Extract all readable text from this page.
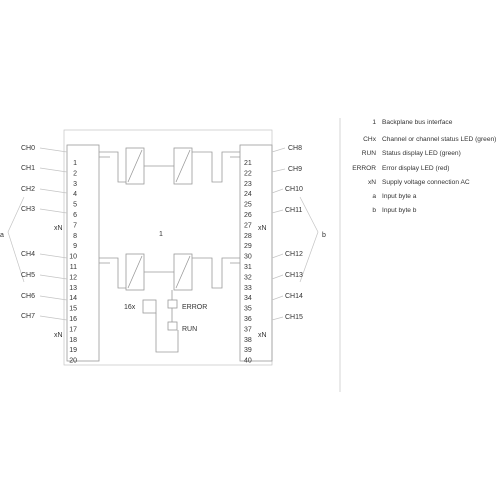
CH0
CH1
CH2
CH3
CH4
CH5
CH6
CH7
CH8
CH9
CH10
CH11
CH12
CH13
CH14
CH15
xN
xN
xN
xN
a	b
1
16x	ERROR
RUN
1
2
3
4
5
6
7
8
9
10
11
12
13
14
15
16
17
18
19
20
21
22
23
24
25
26
27
28
29
30
31
32
33
34
35
36
37
38
39
40
1 Backplane bus interface
CHx Channel or channel status LED (green)
RUN Status display LED (green)
ERROR Error display LED (red)
xN Supply voltage connection AC
a Input byte a
b Input byte b
